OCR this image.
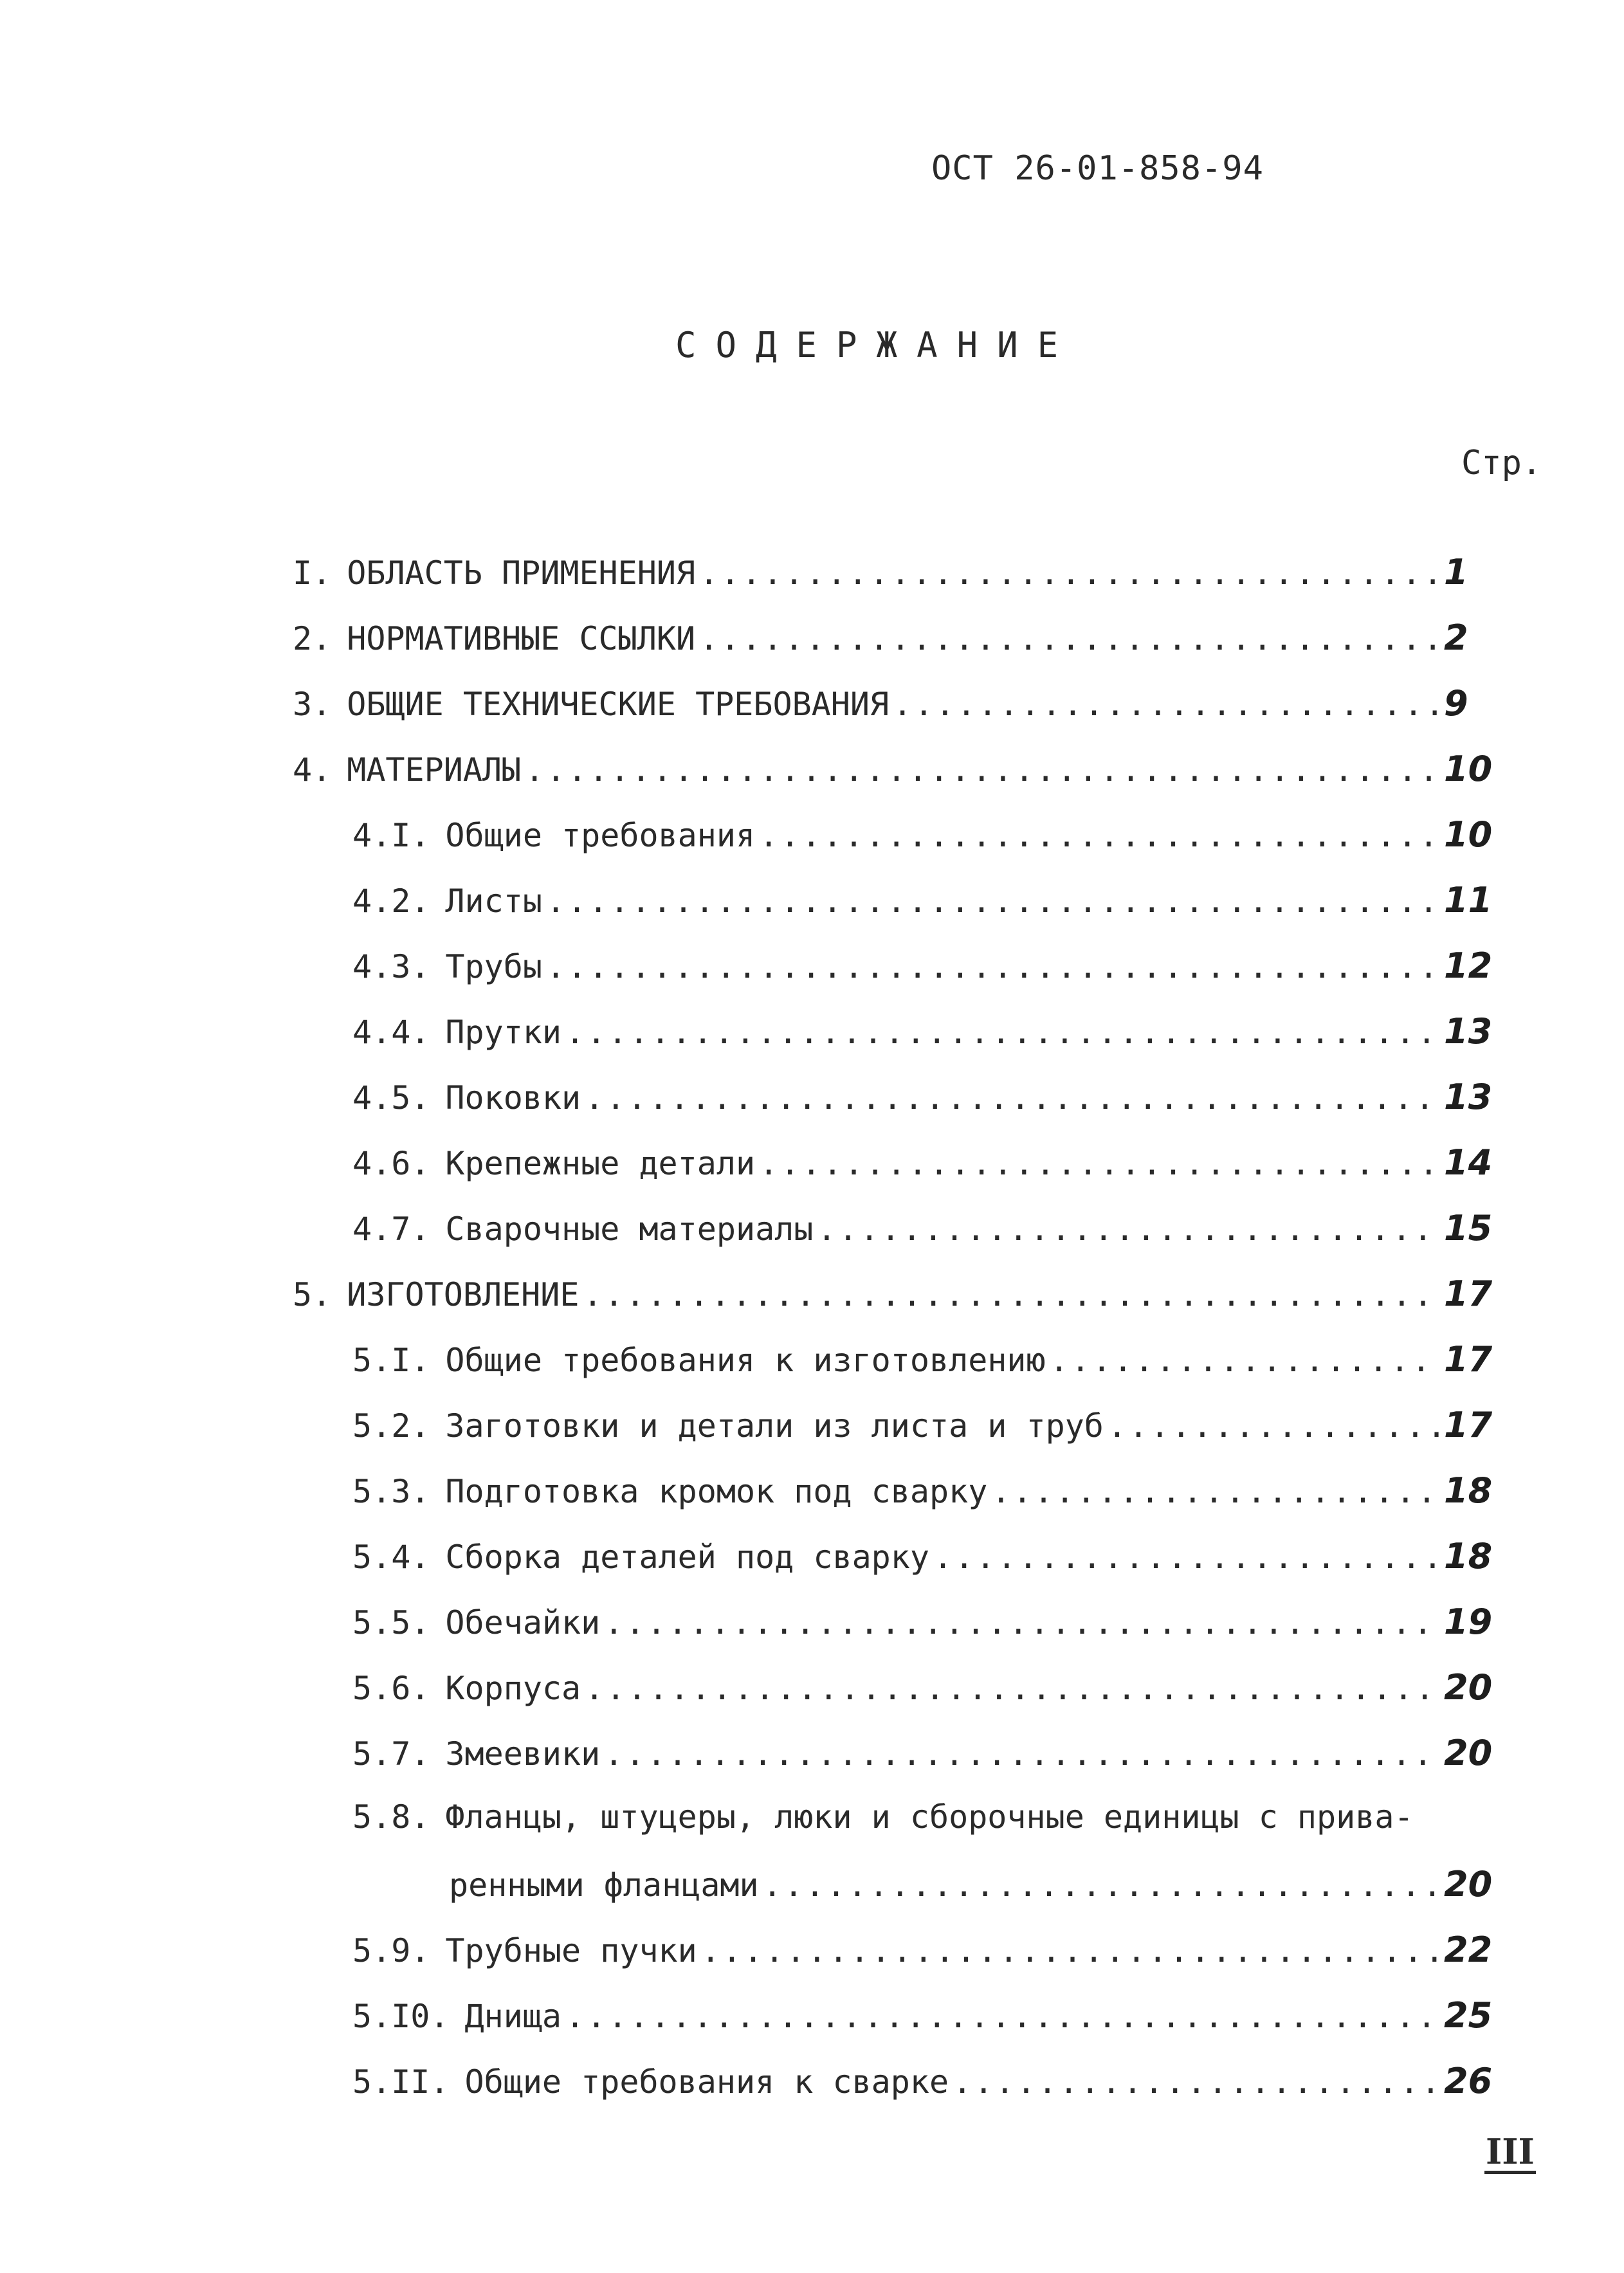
ОСТ 26-01-858-94
СОДЕРЖАНИЕ
Стр.
I. ОБЛАСТЬ ПРИМЕНЕНИЯ .....	1
2. НОРМАТИВНЫЕ ССЫЛКИ .....	2
3. ОБЩИЕ ТЕХНИЧЕСКИЕ ТРЕБОВАНИЯ .....	9
4. МАТЕРИАЛЫ .....	10
4.I. Общие требования .....	10
4.2. Листы .....	11
4.3. Трубы .....	12
4.4. Прутки .....	13
4.5. Поковки .....	13
4.6. Крепежные детали .....	14
4.7. Сварочные материалы .....	15
5. ИЗГОТОВЛЕНИЕ .....	17
5.I. Общие требования к изготовлению .....	17
5.2. Заготовки и детали из листа и труб .....	17
5.3. Подготовка кромок под сварку .....	18
5.4. Сборка деталей под сварку .....	18
5.5. Обечайки .....	19
5.6. Корпуса .....	20
5.7. Змеевики .....	20
5.8. Фланцы, штуцеры, люки и сборочные единицы с прива-
ренными фланцами .....	20
5.9. Трубные пучки .....	22
5.I0. Днища .....	25
5.II. Общие требования к сварке .....	26
III
